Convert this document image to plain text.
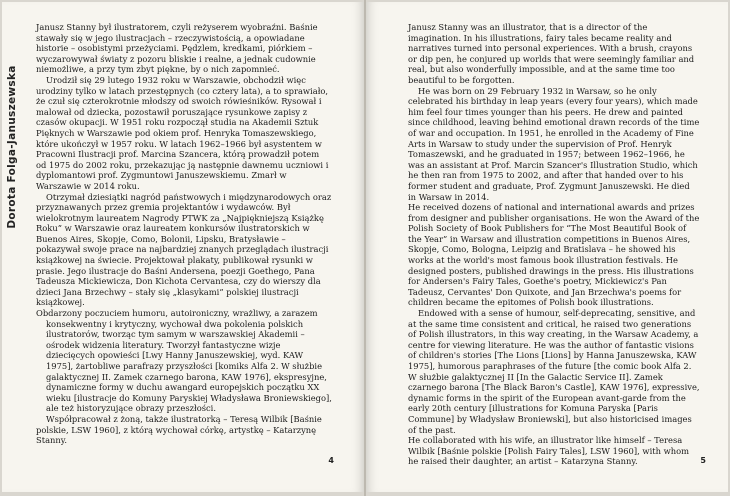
Dorota Folga-Januszewska

Janusz Stanny był ilustratorem, czyli reżyserem wyobraźni. Baśnie stawały się w jego ilustracjach – rzeczywistością, a opowiadane historie – osobistymi przeżyciami. Pędzlem, kredkami, piórkiem – wyczarowywał światy z pozoru bliskie i realne, a jednak cudownie niemożliwe, a przy tym zbyt piękne, by o nich zapomnieć.

Urodził się 29 lutego 1932 roku w Warszawie, obchodził więc urodziny tylko w latach przestępnych (co cztery lata), a to sprawiało, że czuł się czterokrotnie młodszy od swoich rówieśników. Rysował i malował od dziecka, pozostawił poruszające rysunkowe zapisy z czasów okupacji. W 1951 roku rozpoczął studia na Akademii Sztuk Pięknych w Warszawie pod okiem prof. Henryka Tomaszewskiego, które ukończył w 1957 roku. W latach 1962–1966 był asystentem w Pracowni Ilustracji prof. Marcina Szancera, którą prowadził potem od 1975 do 2002 roku, przekazując ją następnie dawnemu uczniowi i dyplomantowi prof. Zygmuntowi Januszewskiemu. Zmarł w Warszawie w 2014 roku.

Otrzymał dziesiątki nagród państwowych i międzynarodowych oraz przyznawanych przez gremia projektantów i wydawców. Był wielokrotnym laureatem Nagrody PTWK za „Najpiękniejszą Książkę Roku” w Warszawie oraz laureatem konkursów ilustratorskich w Buenos Aires, Skopje, Como, Bolonii, Lipsku, Bratysławie – pokazywał swoje prace na najbardziej znanych przeglądach ilustracji książkowej na świecie. Projektował plakaty, publikował rysunki w prasie. Jego ilustracje do Baśni Andersena, poezji Goethego, Pana Tadeusza Mickiewicza, Don Kichota Cervantesa, czy do wierszy dla dzieci Jana Brzechwy – stały się „klasykami” polskiej ilustracji książkowej.

Obdarzony poczuciem humoru, autoironiczny, wrażliwy, a zarazem konsekwentny i krytyczny, wychował dwa pokolenia polskich ilustratorów, tworząc tym samym w warszawskiej Akademii – ośrodek widzenia literatury. Tworzył fantastyczne wizje dziecięcych opowieści [Lwy Hanny Januszewskiej, wyd. KAW 1975], żartobliwe parafrazy przyszłości [komiks Alfa 2. W służbie galaktycznej II. Zamek czarnego barona, KAW 1976], ekspresyjne, dynamiczne formy w duchu awangard europejskich początku XX wieku [ilustracje do Komuny Paryskiej Władysława Broniewskiego], ale też historyzujące obrazy przeszłości.

Współpracował z żoną, także ilustratorką – Teresą Wilbik [Baśnie polskie, LSW 1960], z którą wychował córkę, artystkę – Katarzynę Stanny.

4

Janusz Stanny was an illustrator, that is a director of the imagination. In his illustrations, fairy tales became reality and narratives turned into personal experiences. With a brush, crayons or dip pen, he conjured up worlds that were seemingly familiar and real, but also wonderfully impossible, and at the same time too beautiful to be forgotten.

He was born on 29 February 1932 in Warsaw, so he only celebrated his birthday in leap years (every four years), which made him feel four times younger than his peers. He drew and painted since childhood, leaving behind emotional drawn records of the time of war and occupation. In 1951, he enrolled in the Academy of Fine Arts in Warsaw to study under the supervision of Prof. Henryk Tomaszewski, and he graduated in 1957; between 1962–1966, he was an assistant at Prof. Marcin Szancer's Illustration Studio, which he then ran from 1975 to 2002, and after that handed over to his former student and graduate, Prof. Zygmunt Januszewski. He died in Warsaw in 2014.

He received dozens of national and international awards and prizes from designer and publisher organisations. He won the Award of the Polish Society of Book Publishers for “The Most Beautiful Book of the Year” in Warsaw and illustration competitions in Buenos Aires, Skopje, Como, Bologna, Leipzig and Bratislava – he showed his works at the world's most famous book illustration festivals. He designed posters, published drawings in the press. His illustrations for Andersen's Fairy Tales, Goethe's poetry, Mickiewicz's Pan Tadeusz, Cervantes' Don Quixote, and Jan Brzechwa's poems for children became the epitomes of Polish book illustrations.

Endowed with a sense of humour, self-deprecating, sensitive, and at the same time consistent and critical, he raised two generations of Polish illustrators, in this way creating, in the Warsaw Academy, a centre for viewing literature. He was the author of fantastic visions of children's stories [The Lions [Lions] by Hanna Januszewska, KAW 1975], humorous paraphrases of the future [the comic book Alfa 2. W służbie galaktycznej II [In the Galactic Service II]. Zamek czarnego barona [The Black Baron's Castle], KAW 1976], expressive, dynamic forms in the spirit of the European avant-garde from the early 20th century [illustrations for Komuna Paryska [Paris Commune] by Władysław Broniewski], but also historicised images of the past.

He collaborated with his wife, an illustrator like himself – Teresa Wilbik [Baśnie polskie [Polish Fairy Tales], LSW 1960], with whom he raised their daughter, an artist – Katarzyna Stanny.	5
